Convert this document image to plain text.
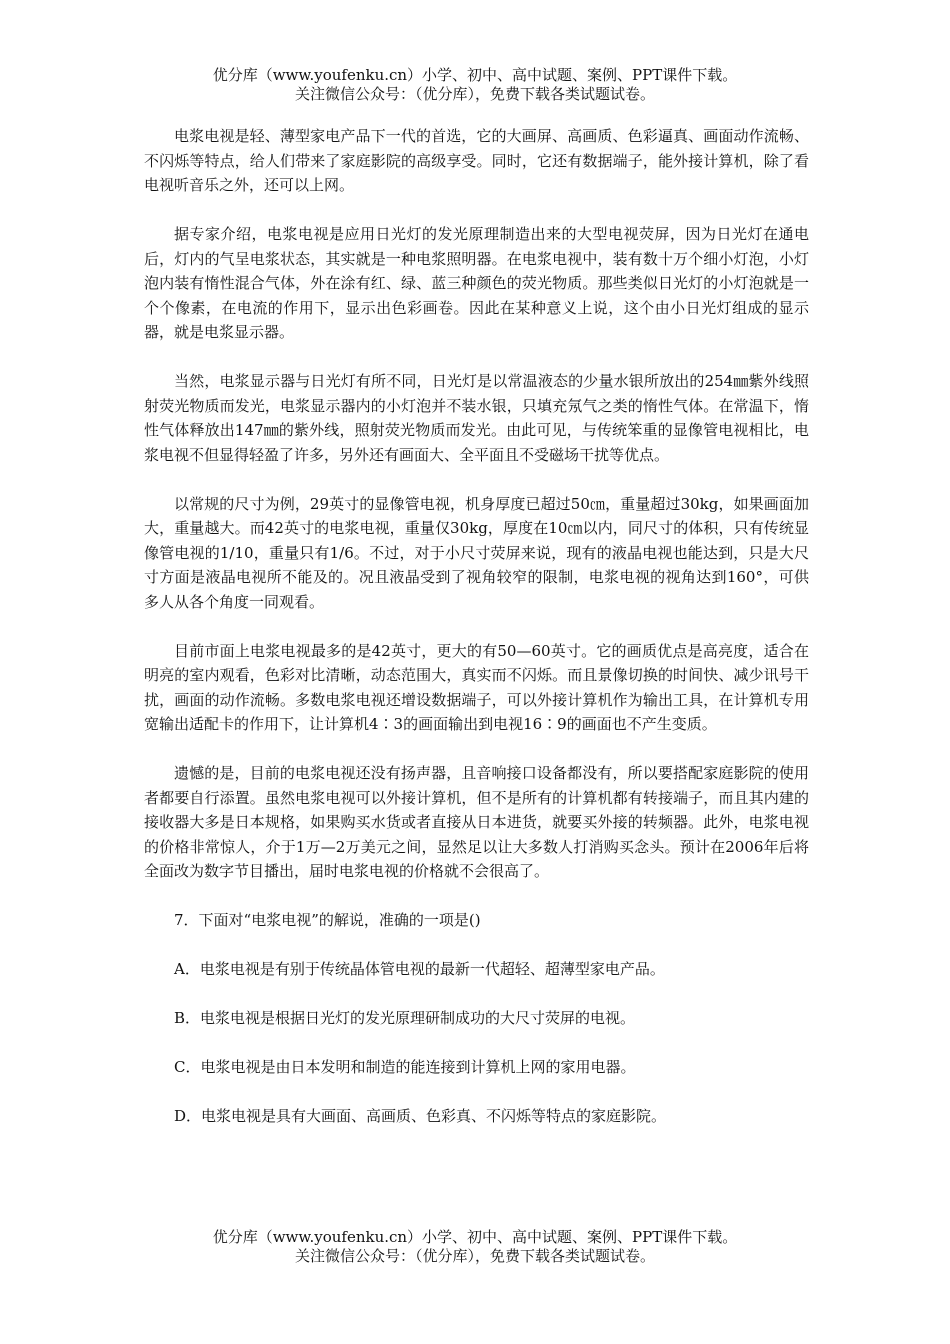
优分库（www.youfenku.cn）小学、初中、高中试题、案例、PPT课件下载。
关注微信公众号：（优分库），免费下载各类试题试卷。

电浆电视是轻、薄型家电产品下一代的首选，它的大画屏、高画质、色彩逼真、画面动作流畅、不闪烁等特点，给人们带来了家庭影院的高级享受。同时，它还有数据端子，能外接计算机，除了看电视听音乐之外，还可以上网。

据专家介绍，电浆电视是应用日光灯的发光原理制造出来的大型电视荧屏，因为日光灯在通电后，灯内的气呈电浆状态，其实就是一种电浆照明器。在电浆电视中，装有数十万个细小灯泡，小灯泡内装有惰性混合气体，外在涂有红、绿、蓝三种颜色的荧光物质。那些类似日光灯的小灯泡就是一个个像素，在电流的作用下，显示出色彩画卷。因此在某种意义上说，这个由小日光灯组成的显示器，就是电浆显示器。

当然，电浆显示器与日光灯有所不同，日光灯是以常温液态的少量水银所放出的254㎜紫外线照射荧光物质而发光，电浆显示器内的小灯泡并不装水银，只填充氖气之类的惰性气体。在常温下，惰性气体释放出147㎜的紫外线，照射荧光物质而发光。由此可见，与传统笨重的显像管电视相比，电浆电视不但显得轻盈了许多，另外还有画面大、全平面且不受磁场干扰等优点。

以常规的尺寸为例，29英寸的显像管电视，机身厚度已超过50㎝，重量超过30kg，如果画面加大，重量越大。而42英寸的电浆电视，重量仅30kg，厚度在10㎝以内，同尺寸的体积，只有传统显像管电视的1/10，重量只有1/6。不过，对于小尺寸荧屏来说，现有的液晶电视也能达到，只是大尺寸方面是液晶电视所不能及的。况且液晶受到了视角较窄的限制，电浆电视的视角达到160°，可供多人从各个角度一同观看。

目前市面上电浆电视最多的是42英寸，更大的有50—60英寸。它的画质优点是高亮度，适合在明亮的室内观看，色彩对比清晰，动态范围大，真实而不闪烁。而且景像切换的时间快、减少讯号干扰，画面的动作流畅。多数电浆电视还增设数据端子，可以外接计算机作为输出工具，在计算机专用宽输出适配卡的作用下，让计算机4∶3的画面输出到电视16∶9的画面也不产生变质。

遗憾的是，目前的电浆电视还没有扬声器，且音响接口设备都没有，所以要搭配家庭影院的使用者都要自行添置。虽然电浆电视可以外接计算机，但不是所有的计算机都有转接端子，而且其内建的接收器大多是日本规格，如果购买水货或者直接从日本进货，就要买外接的转频器。此外，电浆电视的价格非常惊人，介于1万—2万美元之间，显然足以让大多数人打消购买念头。预计在2006年后将全面改为数字节目播出，届时电浆电视的价格就不会很高了。

7．下面对“电浆电视”的解说，准确的一项是()

A．电浆电视是有别于传统晶体管电视的最新一代超轻、超薄型家电产品。

B．电浆电视是根据日光灯的发光原理研制成功的大尺寸荧屏的电视。

C．电浆电视是由日本发明和制造的能连接到计算机上网的家用电器。

D．电浆电视是具有大画面、高画质、色彩真、不闪烁等特点的家庭影院。

优分库（www.youfenku.cn）小学、初中、高中试题、案例、PPT课件下载。
关注微信公众号：（优分库），免费下载各类试题试卷。
